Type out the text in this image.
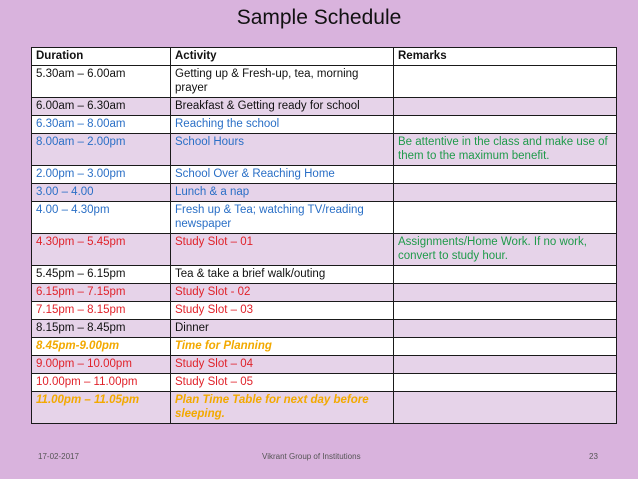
Sample Schedule
Duration	Activity	Remarks
5.30am – 6.00am	Getting up & Fresh-up, tea, morning prayer	
6.00am – 6.30am	Breakfast & Getting ready for school	
6.30am – 8.00am	Reaching the school	
8.00am – 2.00pm	School Hours	Be attentive in the class and make use of them to the maximum benefit.
2.00pm – 3.00pm	School Over & Reaching Home	
3.00 – 4.00	Lunch & a nap	
4.00 – 4.30pm	Fresh up & Tea; watching TV/reading newspaper	
4.30pm – 5.45pm	Study Slot – 01	Assignments/Home Work. If no work, convert to study hour.
5.45pm – 6.15pm	Tea & take a brief walk/outing	
6.15pm – 7.15pm	Study Slot - 02	
7.15pm – 8.15pm	Study Slot – 03	
8.15pm – 8.45pm	Dinner	
8.45pm-9.00pm	Time for Planning	
9.00pm – 10.00pm	Study Slot – 04	
10.00pm – 11.00pm	Study Slot – 05	
11.00pm – 11.05pm	Plan Time Table for next day before sleeping.	
17-02-2017	Vikrant Group of Institutions	23
